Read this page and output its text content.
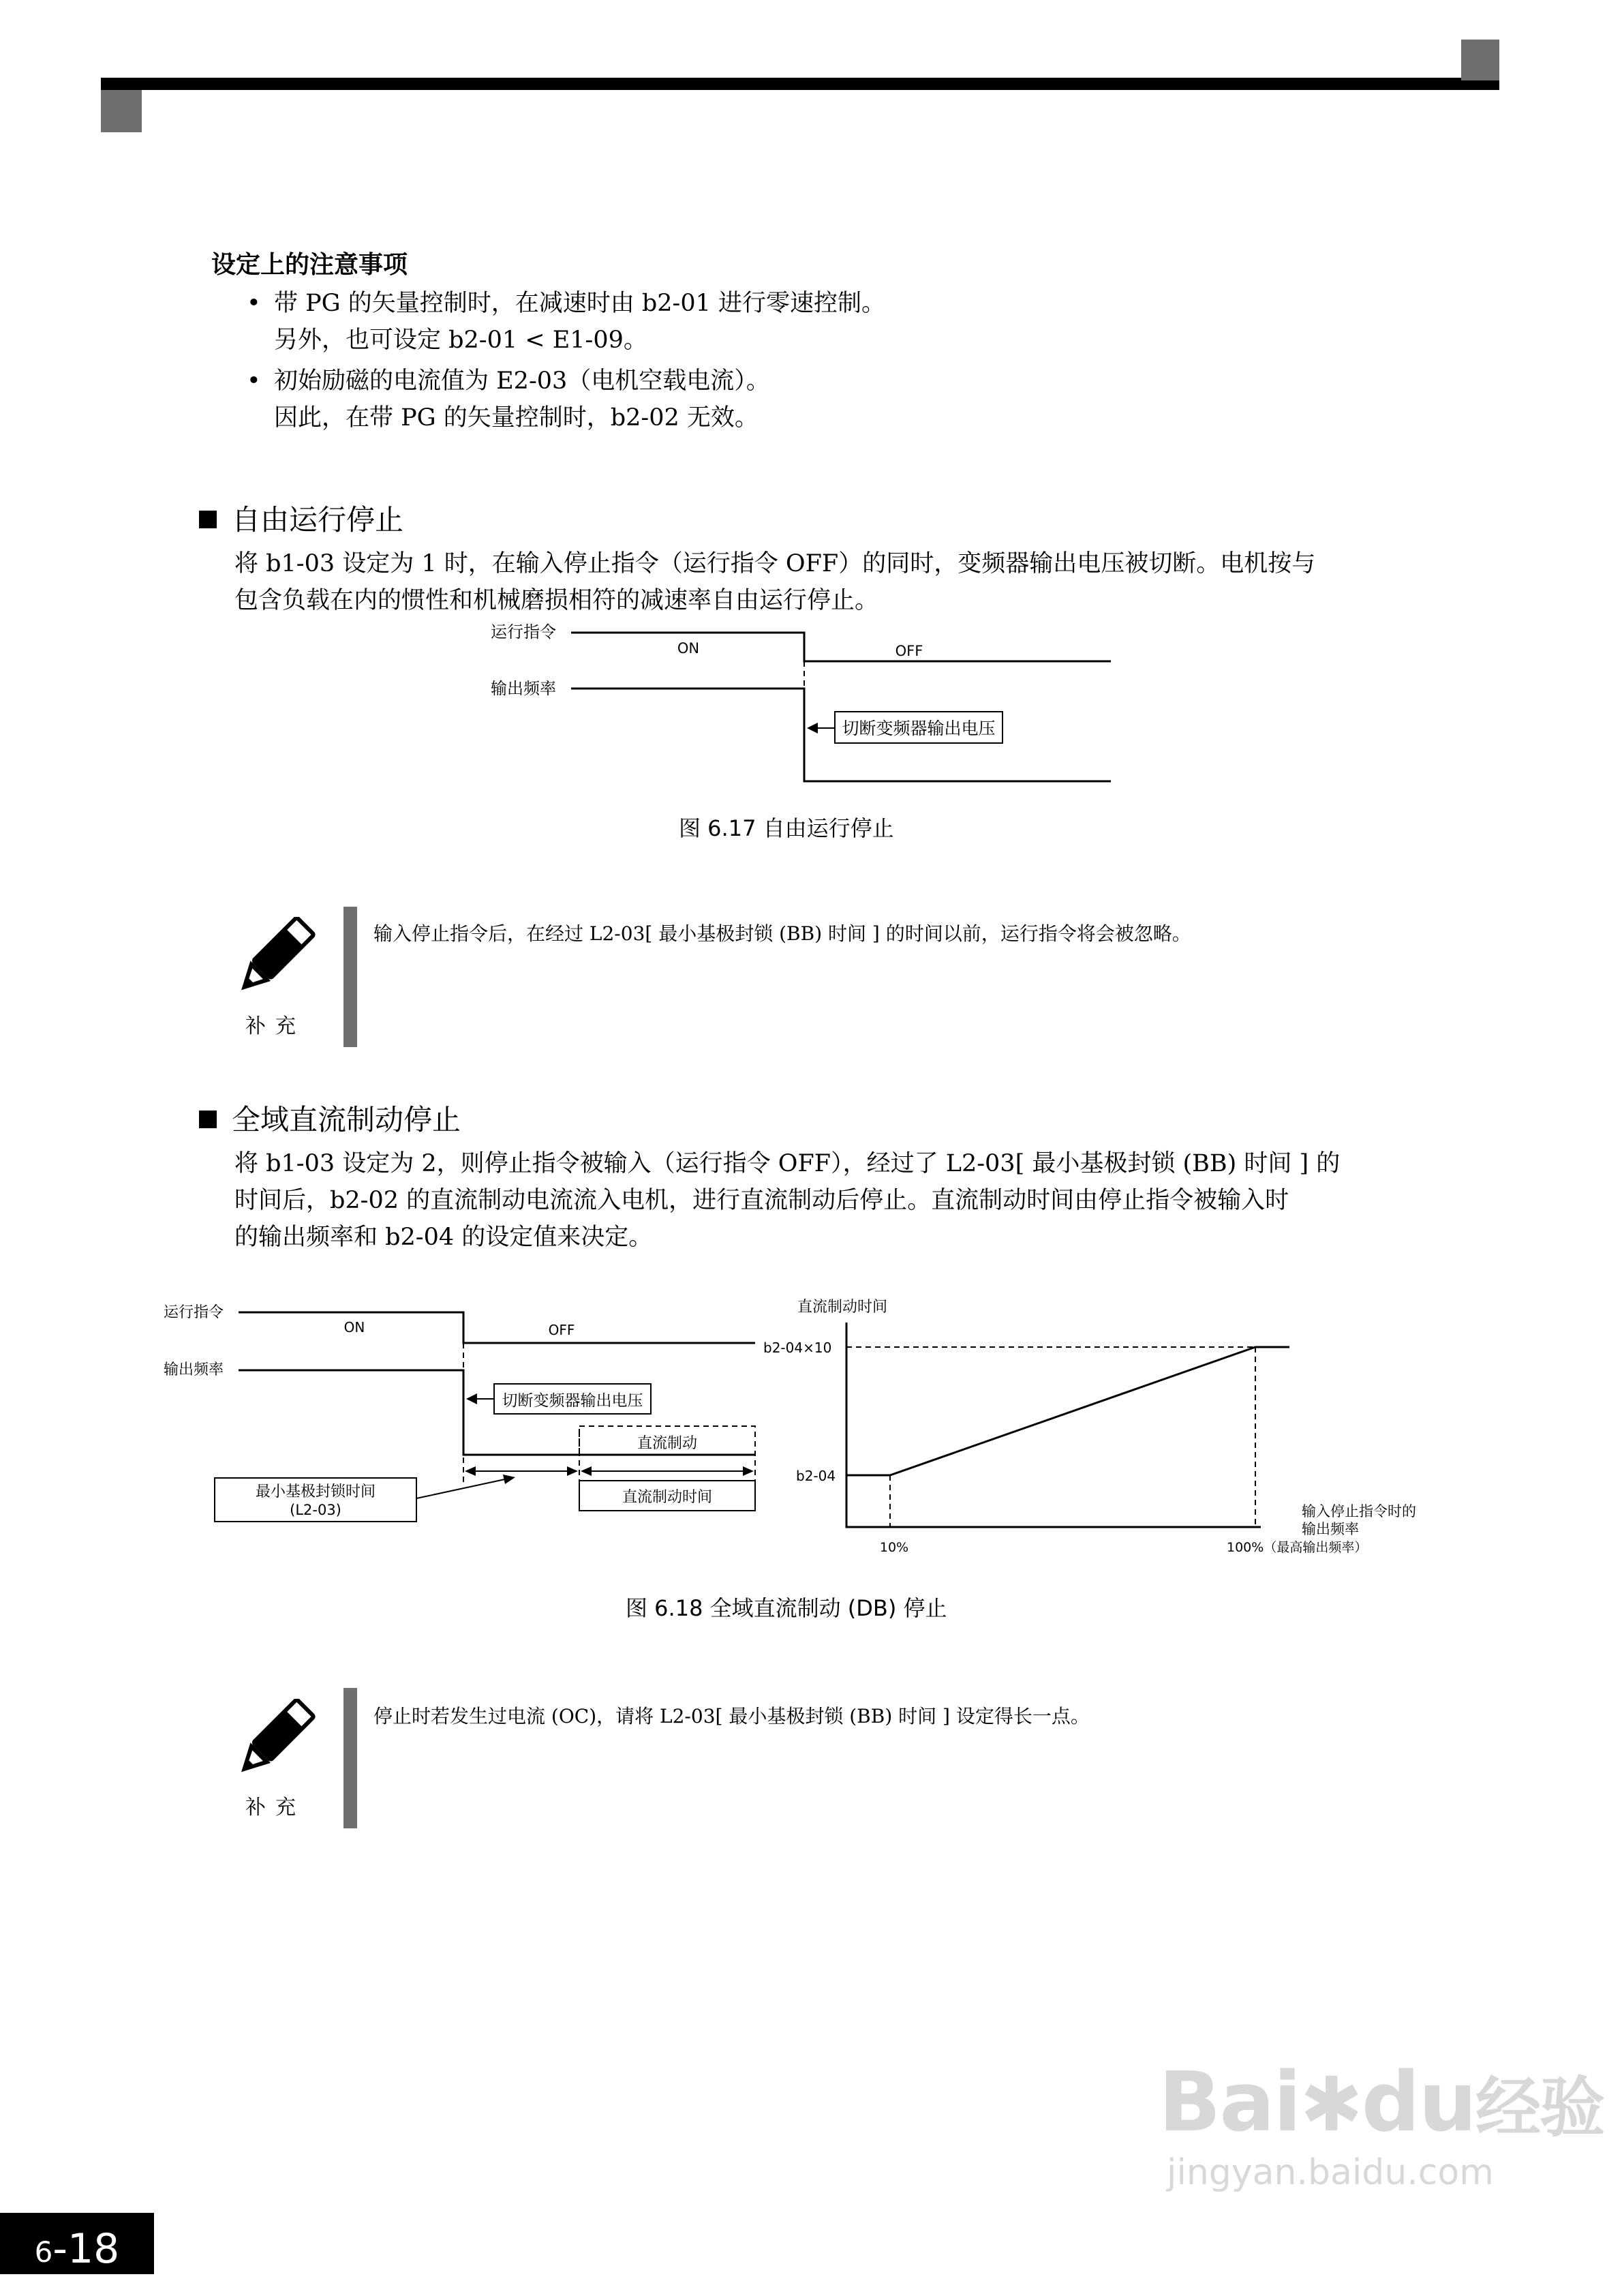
设定上的注意事项
• 带 PG 的矢量控制时，在减速时由 b2-01 进行零速控制。
另外，也可设定 b2-01 < E1-09。
• 初始励磁的电流值为 E2-03（电机空载电流）。
因此，在带 PG 的矢量控制时，b2-02 无效。
自由运行停止
将 b1-03 设定为 1 时，在输入停止指令（运行指令 OFF）的同时，变频器输出电压被切断。电机按与
包含负载在内的惯性和机械磨损相符的减速率自由运行停止。
切断变频器输出电压
运行指令
输出频率
ON	OFF
图 6.17 自由运行停止
补充
输入停止指令后，在经过 L2-03[ 最小基极封锁 (BB) 时间 ] 的时间以前，运行指令将会被忽略。
全域直流制动停止
将 b1-03 设定为 2，则停止指令被输入（运行指令 OFF），经过了 L2-03[ 最小基极封锁 (BB) 时间 ] 的
时间后，b2-02 的直流制动电流流入电机，进行直流制动后停止。直流制动时间由停止指令被输入时
的输出频率和 b2-04 的设定值来决定。
直流制动
切断变频器输出电压
最小基极封锁时间
(L2-03)
直流制动时间
运行指令
输出频率
ON	OFF
直流制动时间
b2-04×10
b2-04
输入停止指令时的
输出频率
10%	100%（最高输出频率）
图 6.18 全域直流制动 (DB) 停止
补充
停止时若发生过电流 (OC)，请将 L2-03[ 最小基极封锁 (BB) 时间 ] 设定得长一点。
Bai✱du经验
jingyan.baidu.com
6 -18
